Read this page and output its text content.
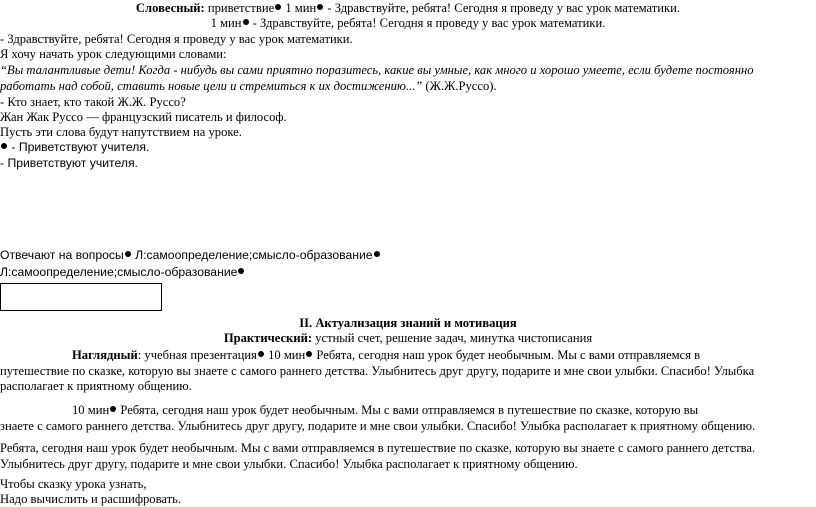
Словесный: приветствие 1 мин - Здравствуйте, ребята! Сегодня я проведу у вас урок математики.
1 мин - Здравствуйте, ребята! Сегодня я проведу у вас урок математики.
- Здравствуйте, ребята! Сегодня я проведу у вас урок математики.
Я хочу начать урок следующими словами:
“Вы талантливые дети! Когда - нибудь вы сами приятно поразитесь, какие вы умные, как много и хорошо умеете, если будете постоянно
работать над собой, ставить новые цели и стремиться к их достижению...” (Ж.Ж.Руссо).
- Кто знает, кто такой Ж.Ж. Руссо?
Жан Жак Руссо — французский писатель и философ.
Пусть эти слова будут напутствием на уроке.
- Приветствуют учителя.
- Приветствуют учителя.
Отвечают на вопросы Л:самоопределение;смысло-образование
Л:самоопределение;смысло-образование
II. Актуализация знаний и мотивация
Практический: устный счет, решение задач, минутка чистописания
Наглядный: учебная презентация 10 мин Ребята, сегодня наш урок будет необычным. Мы с вами отправляемся в
путешествие по сказке, которую вы знаете с самого раннего детства. Улыбнитесь друг другу, подарите и мне свои улыбки. Спасибо! Улыбка
располагает к приятному общению.
10 мин Ребята, сегодня наш урок будет необычным. Мы с вами отправляемся в путешествие по сказке, которую вы
знаете с самого раннего детства. Улыбнитесь друг другу, подарите и мне свои улыбки. Спасибо! Улыбка располагает к приятному общению.
Ребята, сегодня наш урок будет необычным. Мы с вами отправляемся в путешествие по сказке, которую вы знаете с самого раннего детства.
Улыбнитесь друг другу, подарите и мне свои улыбки. Спасибо! Улыбка располагает к приятному общению.
Чтобы сказку урока узнать,
Надо вычислить и расшифровать.
